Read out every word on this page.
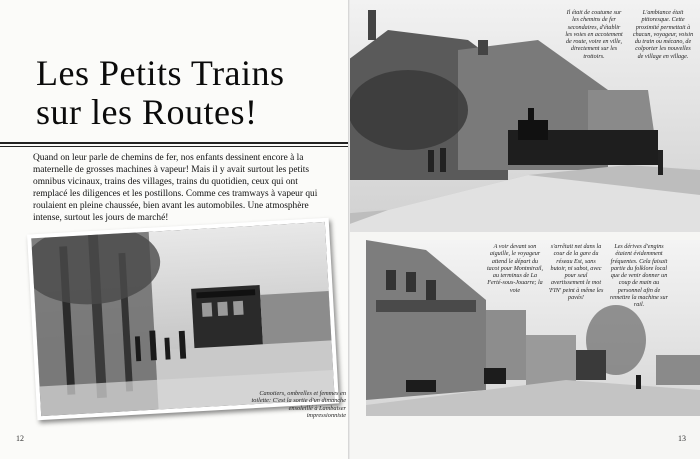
Les Petits Trains
sur les Routes!
Quand on leur parle de chemins de fer, nos enfants dessinent encore à la maternelle de grosses machines à vapeur! Mais il y avait surtout les petits omnibus vicinaux, trains des villages, trains du quotidien, ceux qui ont remplacé les diligences et les postillons. Comme ces tramways à vapeur qui roulaient en pleine chaussée, bien avant les automobiles. Une atmosphère intense, surtout les jours de marché!
Canotiers, ombrelles et femmes en toilette: C'est la sortie d'un dimanche ensoleillé à Lambaiser impressionniste
12
Il était de coutume sur les chemins de fer secondaires, d'établir les voies en accotement de route, voire en ville, directement sur les trottoirs.
L'ambiance était pittoresque. Cette proximité permettait à chacun, voyageur, voisin du train ou mécano, de colporter les nouvelles de village en village.
A voir devant son aiguille, le voyageur attend le départ du tacot pour Montmirail, au terminus de La Ferté-sous-Jouarre; la voie
s'arrêtait net dans la cour de la gare du réseau Est, sans butoir, ni sabot, avec pour seul avertissement le mot 'FIN' peint à même les pavés!
Les dérives d'engins étaient évidemment fréquentes. Cela faisait partie du folklore local que de venir donner un coup de main au personnel afin de remettre la machine sur rail.
13
